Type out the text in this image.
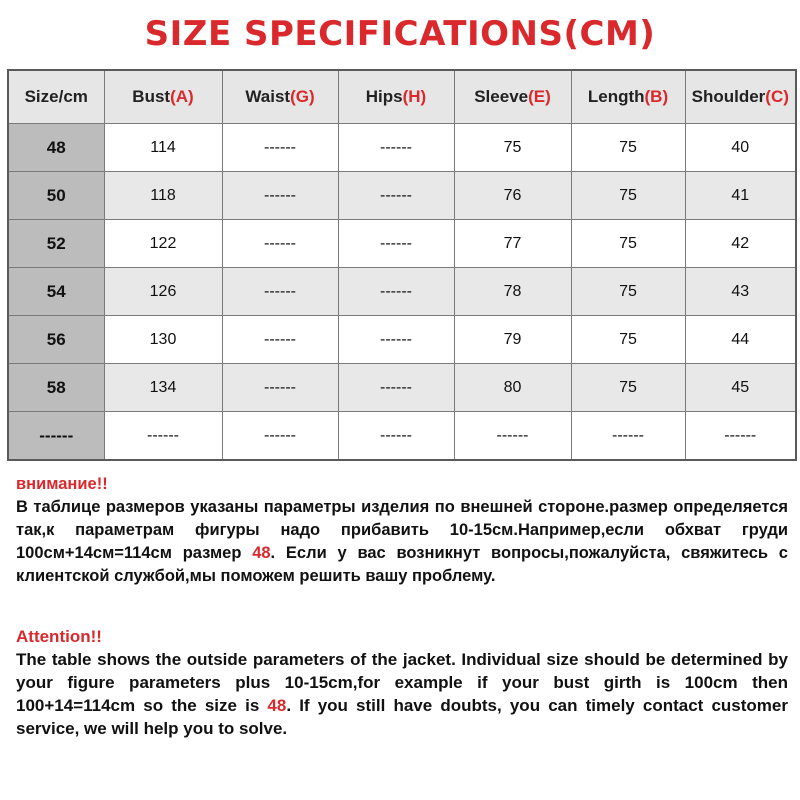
SIZE SPECIFICATIONS(CM)
Size/cm	Bust(A)	Waist(G)	Hips(H)	Sleeve(E)	Length(B)	Shoulder(C)
48	114	------	------	75	75	40
50	118	------	------	76	75	41
52	122	------	------	77	75	42
54	126	------	------	78	75	43
56	130	------	------	79	75	44
58	134	------	------	80	75	45
------	------	------	------	------	------	------
внимание!!
В таблице размеров указаны параметры изделия по внешней стороне.размер определяется так,к параметрам фигуры надо прибавить 10-15см.Например,если обхват груди 100см+14см=114см размер 48. Если у вас возникнут вопросы,пожалуйста, свяжитесь с клиентской службой,мы поможем решить вашу проблему.
Attention!!
The table shows the outside parameters of the jacket. Individual size should be determined by your figure parameters plus 10-15cm,for example if your bust girth is 100cm then 100+14=114cm so the size is 48. If you still have doubts, you can timely contact customer service, we will help you to solve.
